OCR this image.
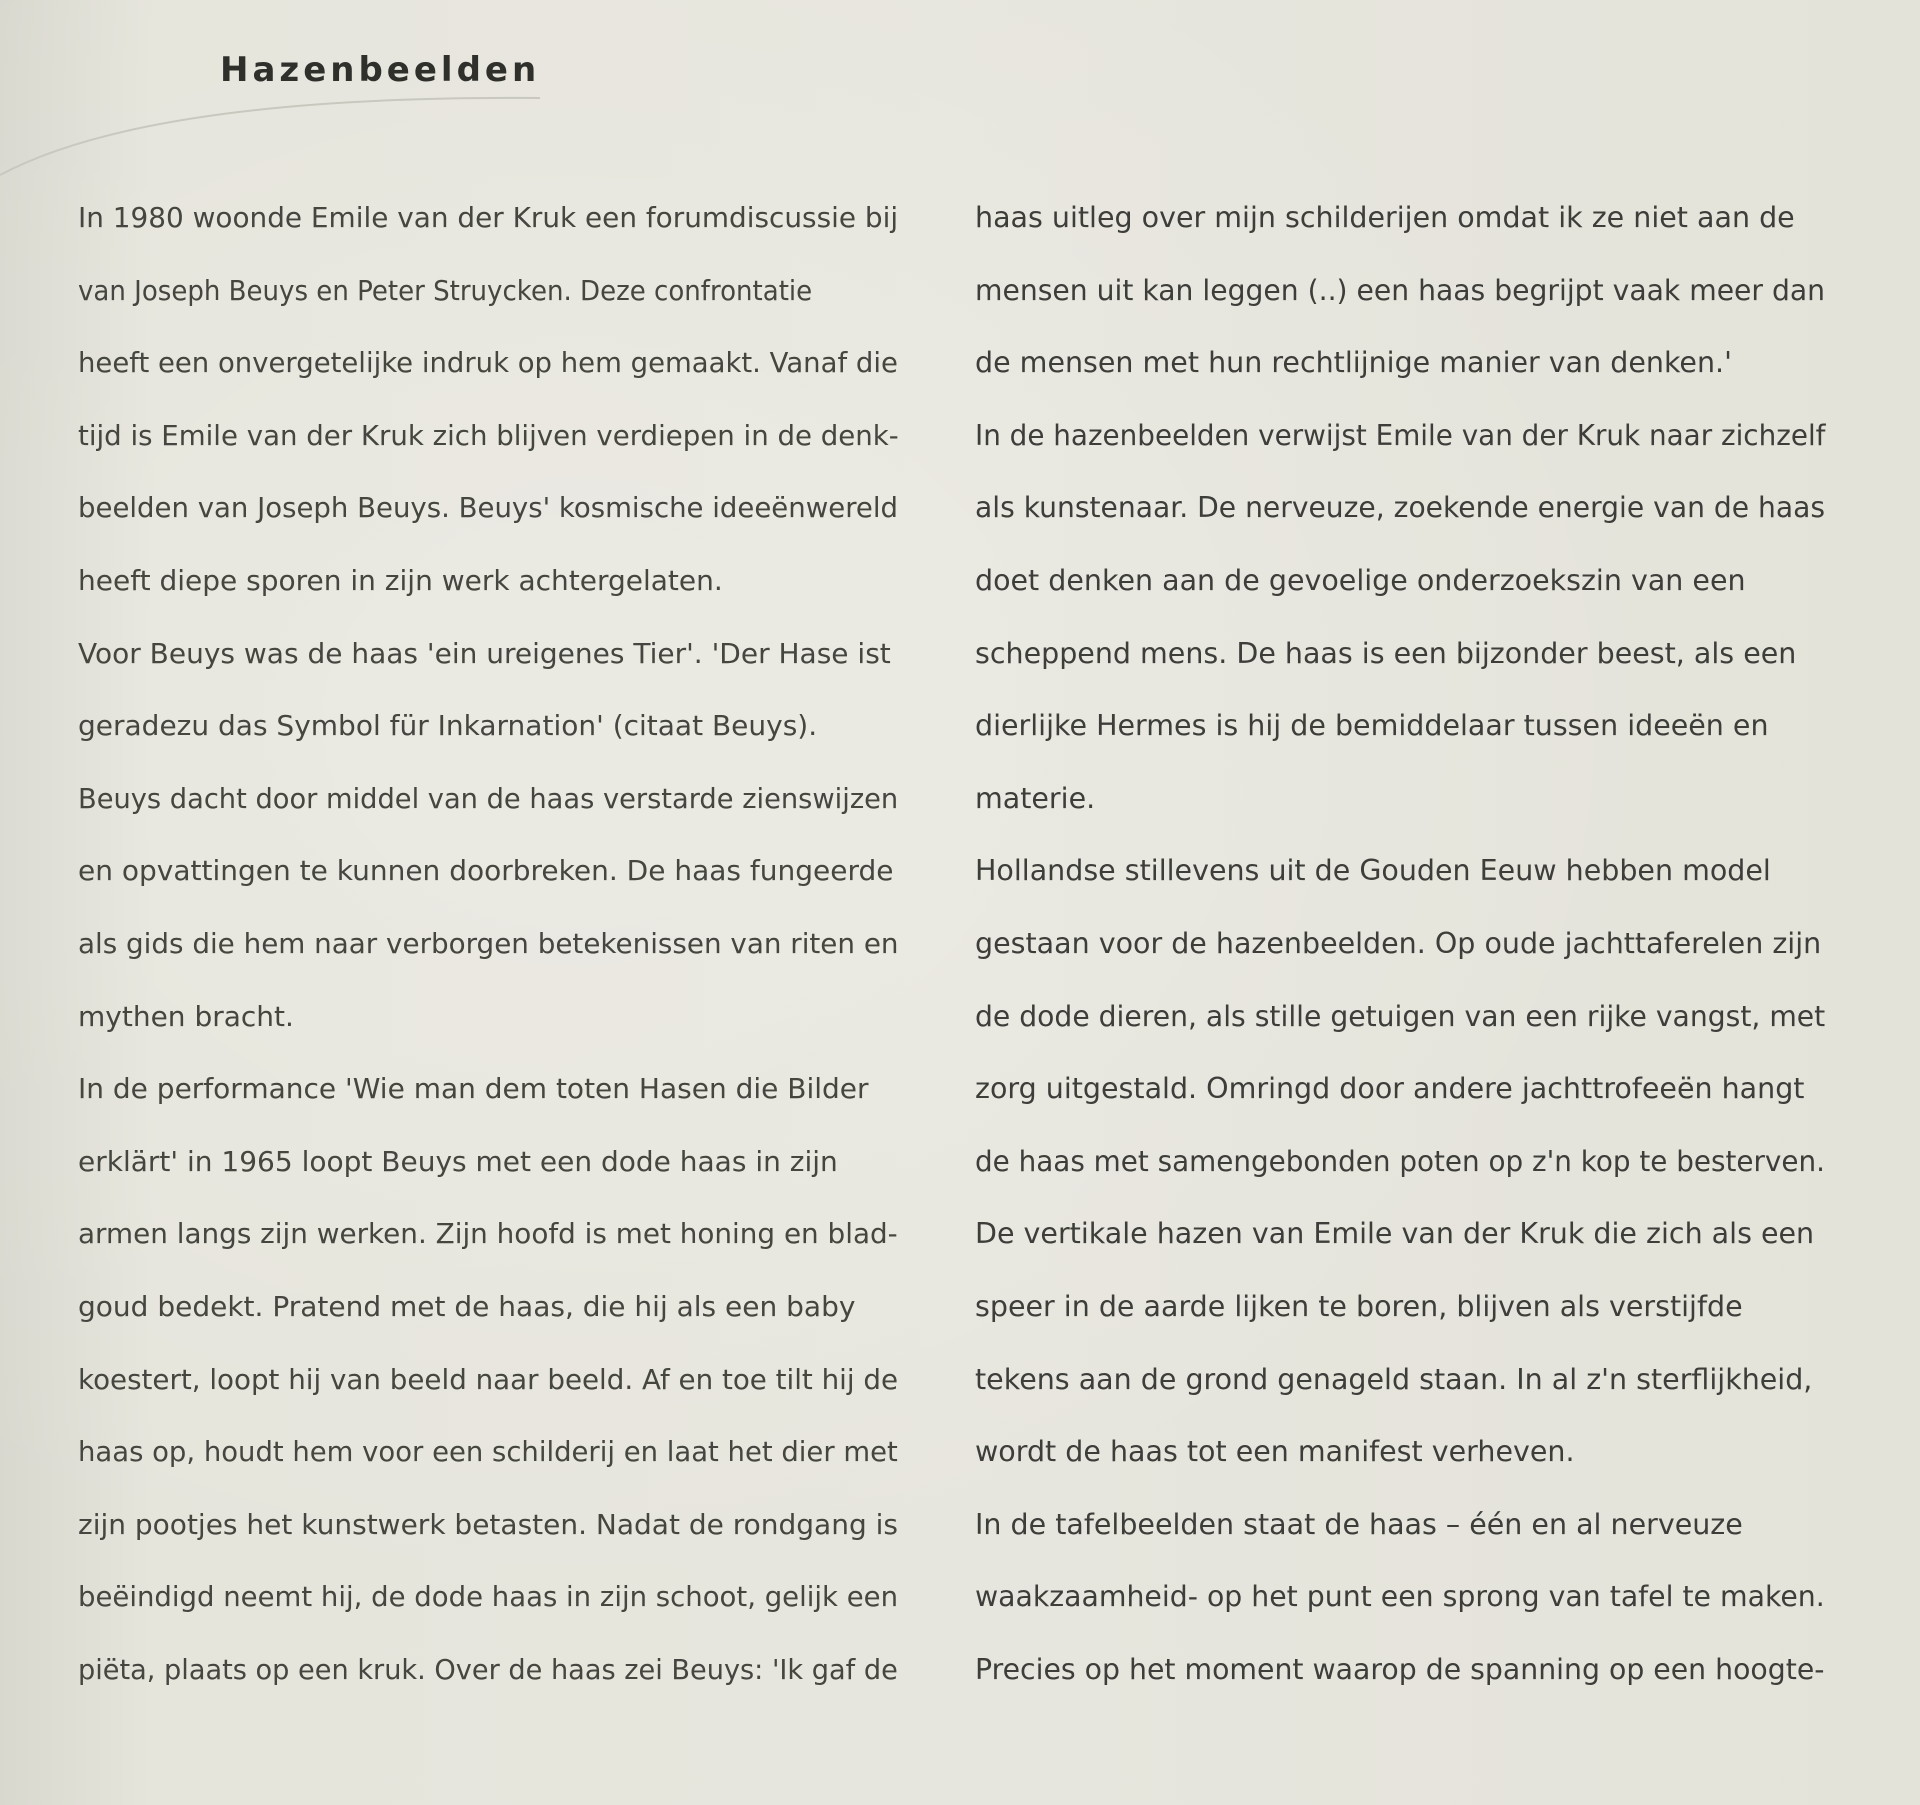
Hazenbeelden
In 1980 woonde Emile van der Kruk een forumdiscussie bij
van Joseph Beuys en Peter Struycken. Deze confrontatie
heeft een onvergetelijke indruk op hem gemaakt. Vanaf die
tijd is Emile van der Kruk zich blijven verdiepen in de denk-
beelden van Joseph Beuys. Beuys' kosmische ideeënwereld
heeft diepe sporen in zijn werk achtergelaten.
Voor Beuys was de haas 'ein ureigenes Tier'. 'Der Hase ist
geradezu das Symbol für Inkarnation' (citaat Beuys).
Beuys dacht door middel van de haas verstarde zienswijzen
en opvattingen te kunnen doorbreken. De haas fungeerde
als gids die hem naar verborgen betekenissen van riten en
mythen bracht.
In de performance 'Wie man dem toten Hasen die Bilder
erklärt' in 1965 loopt Beuys met een dode haas in zijn
armen langs zijn werken. Zijn hoofd is met honing en blad-
goud bedekt. Pratend met de haas, die hij als een baby
koestert, loopt hij van beeld naar beeld. Af en toe tilt hij de
haas op, houdt hem voor een schilderij en laat het dier met
zijn pootjes het kunstwerk betasten. Nadat de rondgang is
beëindigd neemt hij, de dode haas in zijn schoot, gelijk een
piëta, plaats op een kruk. Over de haas zei Beuys: 'Ik gaf de
haas uitleg over mijn schilderijen omdat ik ze niet aan de
mensen uit kan leggen (..) een haas begrijpt vaak meer dan
de mensen met hun rechtlijnige manier van denken.'
In de hazenbeelden verwijst Emile van der Kruk naar zichzelf
als kunstenaar. De nerveuze, zoekende energie van de haas
doet denken aan de gevoelige onderzoekszin van een
scheppend mens. De haas is een bijzonder beest, als een
dierlijke Hermes is hij de bemiddelaar tussen ideeën en
materie.
Hollandse stillevens uit de Gouden Eeuw hebben model
gestaan voor de hazenbeelden. Op oude jachttaferelen zijn
de dode dieren, als stille getuigen van een rijke vangst, met
zorg uitgestald. Omringd door andere jachttrofeeën hangt
de haas met samengebonden poten op z'n kop te besterven.
De vertikale hazen van Emile van der Kruk die zich als een
speer in de aarde lijken te boren, blijven als verstijfde
tekens aan de grond genageld staan. In al z'n sterflijkheid,
wordt de haas tot een manifest verheven.
In de tafelbeelden staat de haas – één en al nerveuze
waakzaamheid- op het punt een sprong van tafel te maken.
Precies op het moment waarop de spanning op een hoogte-
